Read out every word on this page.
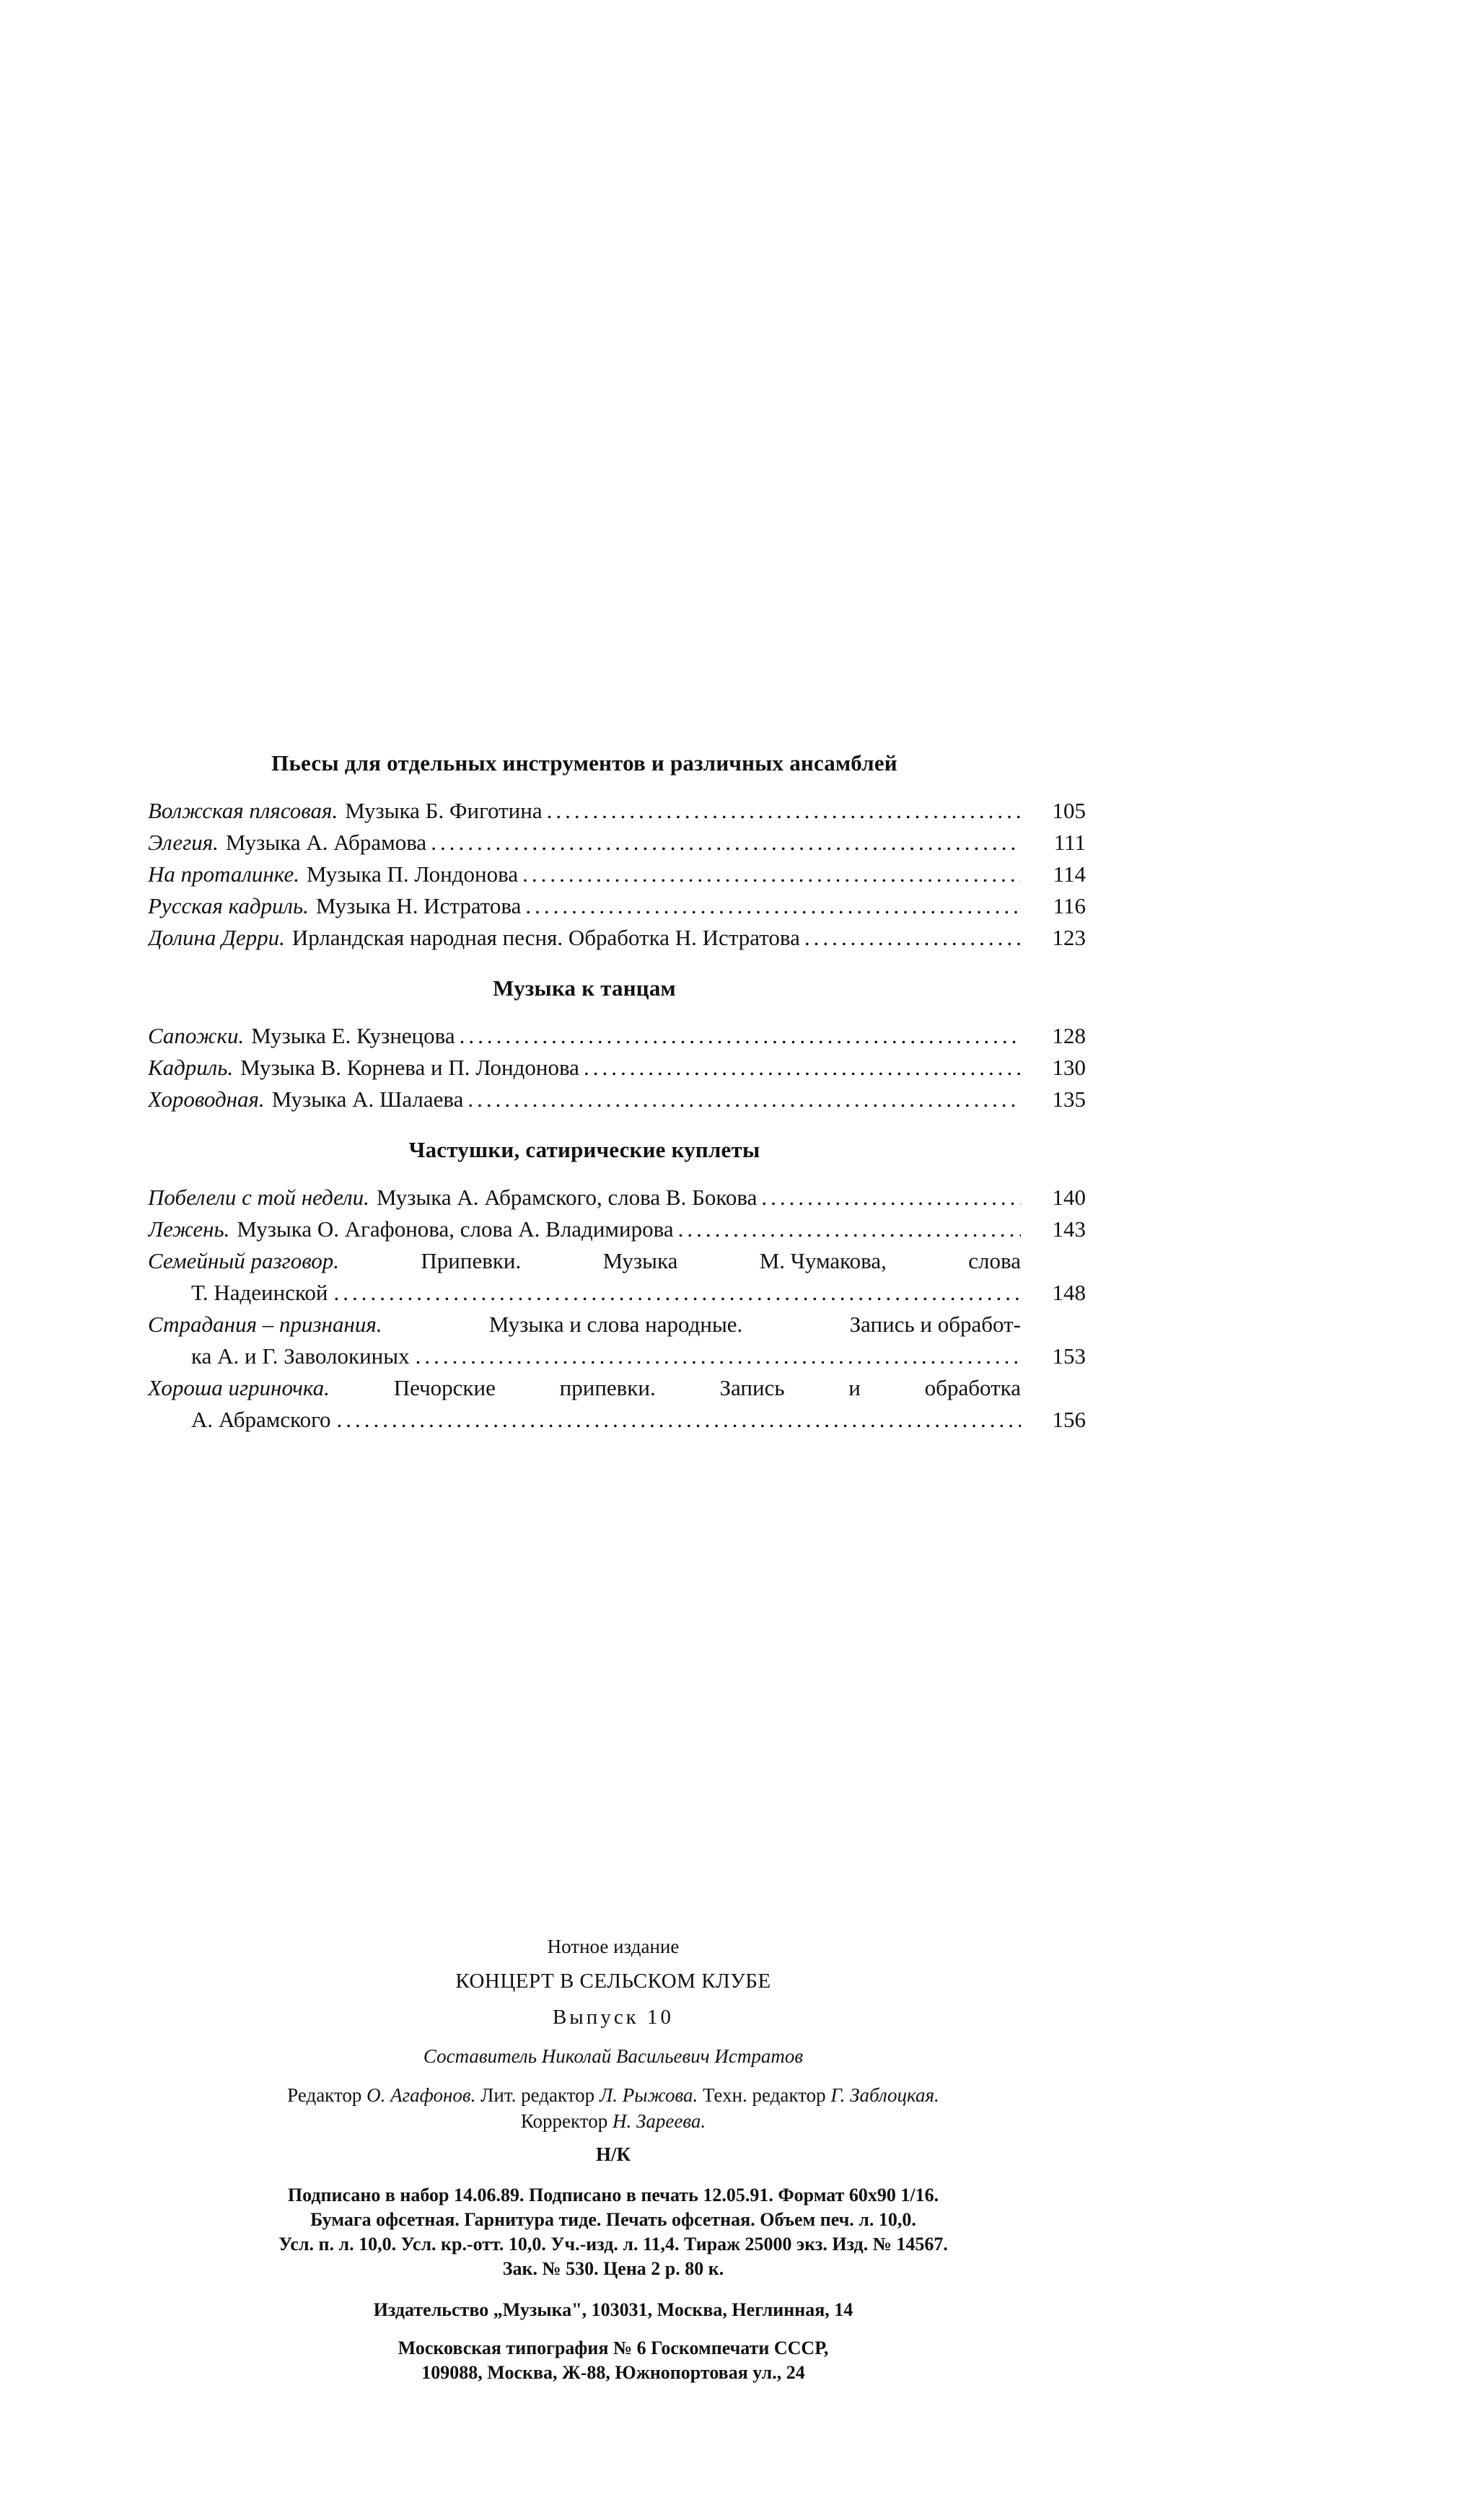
Пьесы для отдельных инструментов и различных ансамблей
Волжская плясовая. Музыка Б. Фиготина .....	105
Элегия. Музыка А. Абрамова .....	111
На проталинке. Музыка П. Лондонова .....	114
Русская кадриль. Музыка Н. Истратова .....	116
Долина Дерри. Ирландская народная песня. Обработка Н. Истратова .....	123
Музыка к танцам
Сапожки. Музыка Е. Кузнецова .....	128
Кадриль. Музыка В. Корнева и П. Лондонова .....	130
Хороводная. Музыка А. Шалаева .....	135
Частушки, сатирические куплеты
Побелели с той недели. Музыка А. Абрамского, слова В. Бокова .....	140
Лежень. Музыка О. Агафонова, слова А. Владимирова .....	143
Семейный разговор.	Припевки.	Музыка	М. Чумакова,	слова
Т. Надеинской .....	148
Страдания – признания.	Музыка и слова народные.	Запись и обработ-
ка А. и Г. Заволокиных .....	153
Хороша игриночка.	Печорские	припевки.	Запись	и	обработка
А. Абрамского .....	156
Нотное издание
КОНЦЕРТ В СЕЛЬСКОМ КЛУБЕ
Выпуск 10
Составитель Николай Васильевич Истратов
Редактор О. Агафонов. Лит. редактор Л. Рыжова. Техн. редактор Г. Заблоцкая.
Корректор Н. Зареева.
Н/К
Подписано в набор 14.06.89. Подписано в печать 12.05.91. Формат 60х90 1/16.
Бумага офсетная. Гарнитура тиде. Печать офсетная. Объем печ. л. 10,0.
Усл. п. л. 10,0. Усл. кр.-отт. 10,0. Уч.-изд. л. 11,4. Тираж 25000 экз. Изд. № 14567.
Зак. № 530. Цена 2 р. 80 к.
Издательство „Музыка", 103031, Москва, Неглинная, 14
Московская типография № 6 Госкомпечати СССР,
109088, Москва, Ж-88, Южнопортовая ул., 24
